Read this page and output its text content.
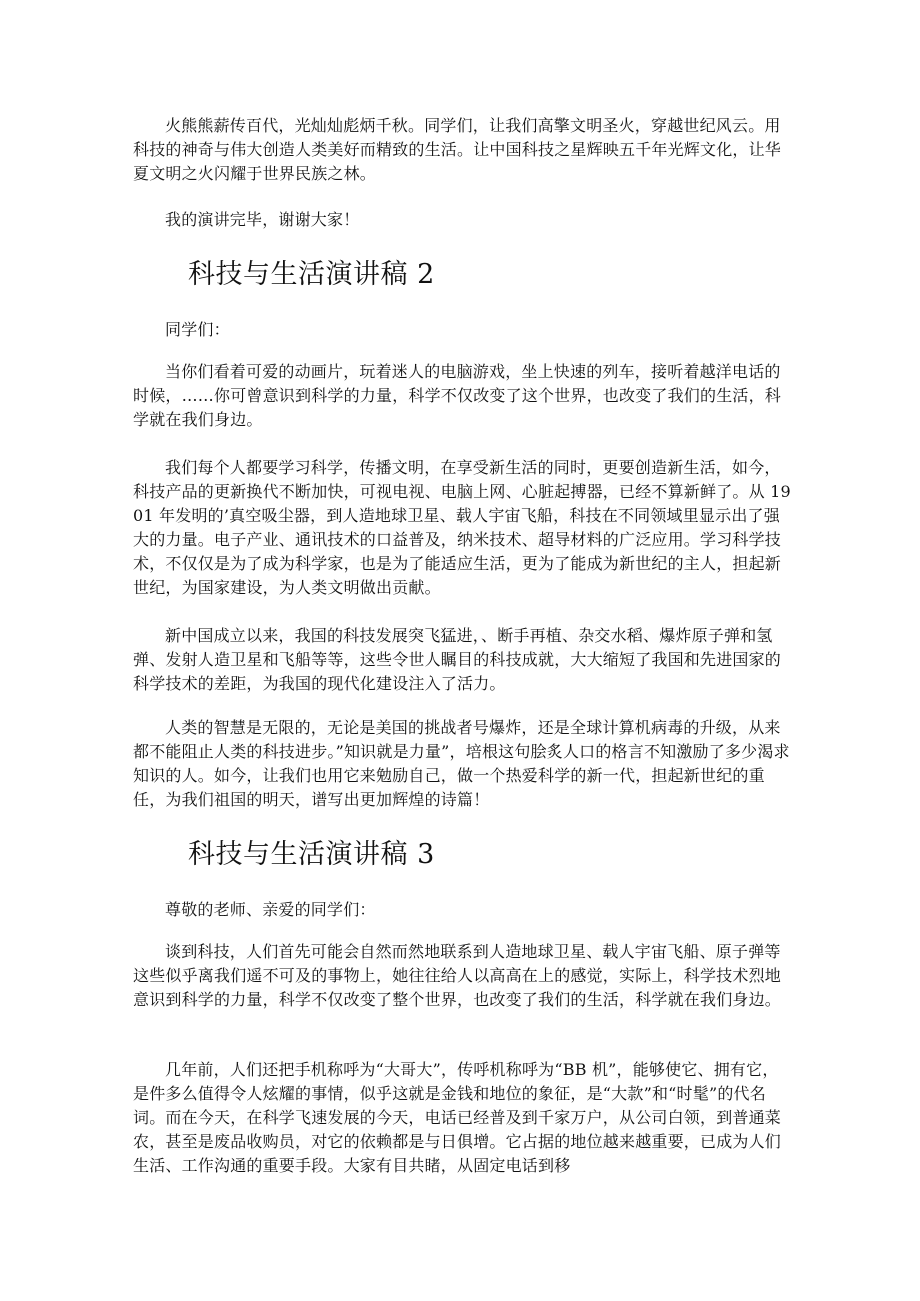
火熊熊薪传百代，光灿灿彪炳千秋。同学们，让我们高擎文明圣火，穿越世纪风云。用科技的神奇与伟大创造人类美好而精致的生活。让中国科技之星辉映五千年光辉文化，让华夏文明之火闪耀于世界民族之林。

我的演讲完毕，谢谢大家！

科技与生活演讲稿 2

同学们：

当你们看着可爱的动画片，玩着迷人的电脑游戏，坐上快速的列车，接听着越洋电话的时候，……你可曾意识到科学的力量，科学不仅改变了这个世界，也改变了我们的生活，科学就在我们身边。

我们每个人都要学习科学，传播文明，在享受新生活的同时，更要创造新生活，如今，科技产品的更新换代不断加快，可视电视、电脑上网、心脏起搏器，已经不算新鲜了。从 1901 年发明的’真空吸尘器，到人造地球卫星、载人宇宙飞船，科技在不同领域里显示出了强大的力量。电子产业、通讯技术的口益普及，纳米技术、超导材料的广泛应用。学习科学技术，不仅仅是为了成为科学家，也是为了能适应生活，更为了能成为新世纪的主人，担起新世纪，为国家建设，为人类文明做出贡献。

新中国成立以来，我国的科技发展突飞猛进，、断手再植、杂交水稻、爆炸原子弹和氢弹、发射人造卫星和飞船等等，这些令世人瞩目的科技成就，大大缩短了我国和先进国家的科学技术的差距，为我国的现代化建设注入了活力。

人类的智慧是无限的，无论是美国的挑战者号爆炸，还是全球计算机病毒的升级，从来都不能阻止人类的科技进步。”知识就是力量”，培根这句脍炙人口的格言不知激励了多少渴求知识的人。如今，让我们也用它来勉励自己，做一个热爱科学的新一代，担起新世纪的重任，为我们祖国的明天，谱写出更加辉煌的诗篇！

科技与生活演讲稿 3

尊敬的老师、亲爱的同学们：

谈到科技，人们首先可能会自然而然地联系到人造地球卫星、载人宇宙飞船、原子弹等这些似乎离我们遥不可及的事物上，她往往给人以高高在上的感觉，实际上，科学技术烈地意识到科学的力量，科学不仅改变了整个世界，也改变了我们的生活，科学就在我们身边。

几年前，人们还把手机称呼为“大哥大”，传呼机称呼为“BB 机”，能够使它、拥有它，是件多么值得令人炫耀的事情，似乎这就是金钱和地位的象征，是“大款”和“时髦”的代名词。而在今天，在科学飞速发展的今天，电话已经普及到千家万户，从公司白领，到普通菜农，甚至是废品收购员，对它的依赖都是与日俱增。它占据的地位越来越重要，已成为人们生活、工作沟通的重要手段。大家有目共睹，从固定电话到移
